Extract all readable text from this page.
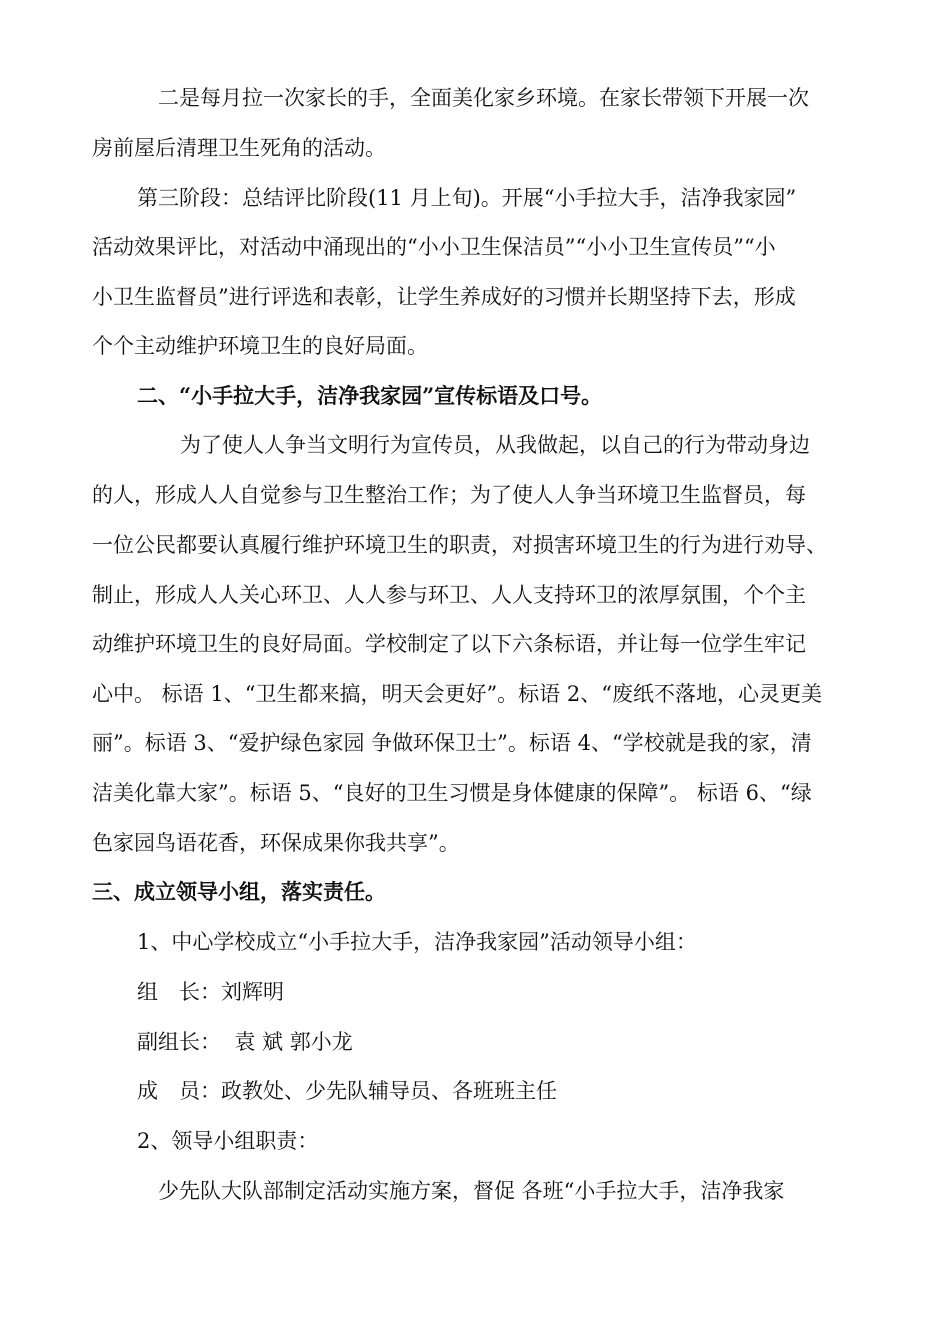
二是每月拉一次家长的手，全面美化家乡环境。在家长带领下开展一次
房前屋后清理卫生死角的活动。
第三阶段：总结评比阶段(11 月上旬)。开展“小手拉大手，洁净我家园”
活动效果评比，对活动中涌现出的“小小卫生保洁员”“小小卫生宣传员”“小
小卫生监督员”进行评选和表彰，让学生养成好的习惯并长期坚持下去，形成
个个主动维护环境卫生的良好局面。
二、“小手拉大手，洁净我家园”宣传标语及口号。
为了使人人争当文明行为宣传员，从我做起，以自己的行为带动身边
的人，形成人人自觉参与卫生整治工作；为了使人人争当环境卫生监督员，每
一位公民都要认真履行维护环境卫生的职责，对损害环境卫生的行为进行劝导、
制止，形成人人关心环卫、人人参与环卫、人人支持环卫的浓厚氛围，个个主
动维护环境卫生的良好局面。学校制定了以下六条标语，并让每一位学生牢记
心中。 标语 1、“卫生都来搞，明天会更好”。标语 2、“废纸不落地，心灵更美
丽”。标语 3、“爱护绿色家园 争做环保卫士”。标语 4、“学校就是我的家，清
洁美化靠大家”。标语 5、“良好的卫生习惯是身体健康的保障”。 标语 6、“绿
色家园鸟语花香，环保成果你我共享”。
三、成立领导小组，落实责任。
1、中心学校成立“小手拉大手，洁净我家园”活动领导小组：
组　长：刘辉明
副组长：  袁 斌 郭小龙
成　员：政教处、少先队辅导员、各班班主任
2、领导小组职责：
少先队大队部制定活动实施方案，督促 各班“小手拉大手，洁净我家
